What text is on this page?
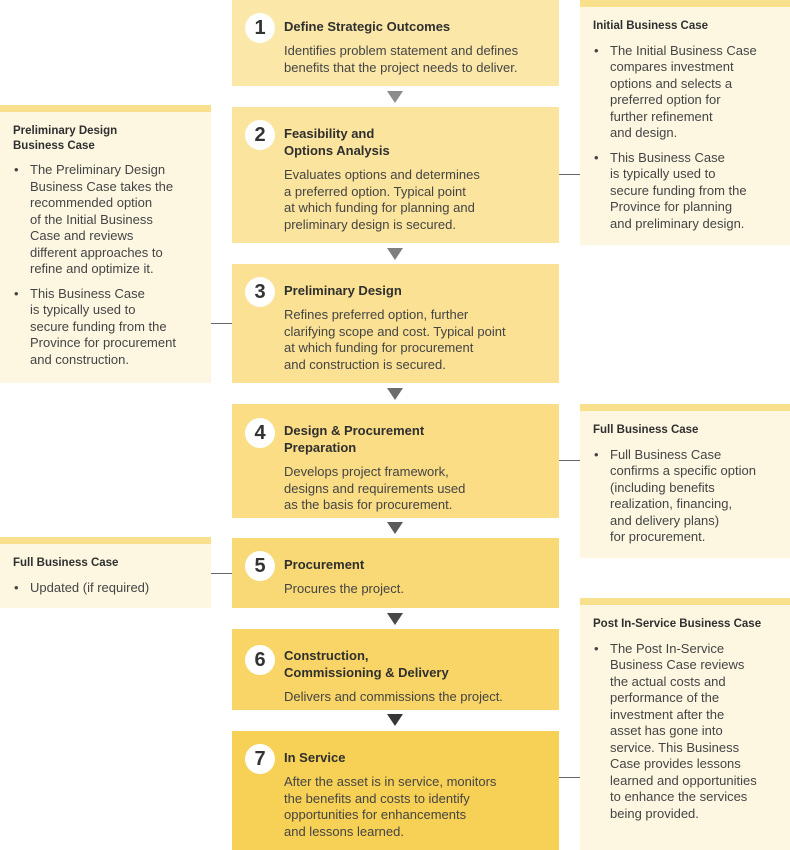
1	Define Strategic Outcomes
Identifies problem statement and defines
benefits that the project needs to deliver.
2	Feasibility and
Options Analysis
Evaluates options and determines
a preferred option. Typical point
at which funding for planning and
preliminary design is secured.
3	Preliminary Design
Refines preferred option, further
clarifying scope and cost. Typical point
at which funding for procurement
and construction is secured.
4	Design & Procurement
Preparation
Develops project framework,
designs and requirements used
as the basis for procurement.
5	Procurement
Procures the project.
6	Construction,
Commissioning & Delivery
Delivers and commissions the project.
7	In Service
After the asset is in service, monitors
the benefits and costs to identify
opportunities for enhancements
and lessons learned.
Initial Business Case
• The Initial Business Case
compares investment
options and selects a
preferred option for
further refinement
and design.
• This Business Case
is typically used to
secure funding from the
Province for planning
and preliminary design.
Preliminary Design
Business Case
• The Preliminary Design
Business Case takes the
recommended option
of the Initial Business
Case and reviews
different approaches to
refine and optimize it.
• This Business Case
is typically used to
secure funding from the
Province for procurement
and construction.
Full Business Case
• Full Business Case
confirms a specific option
(including benefits
realization, financing,
and delivery plans)
for procurement.
Full Business Case
• Updated (if required)
Post In-Service Business Case
• The Post In-Service
Business Case reviews
the actual costs and
performance of the
investment after the
asset has gone into
service. This Business
Case provides lessons
learned and opportunities
to enhance the services
being provided.
